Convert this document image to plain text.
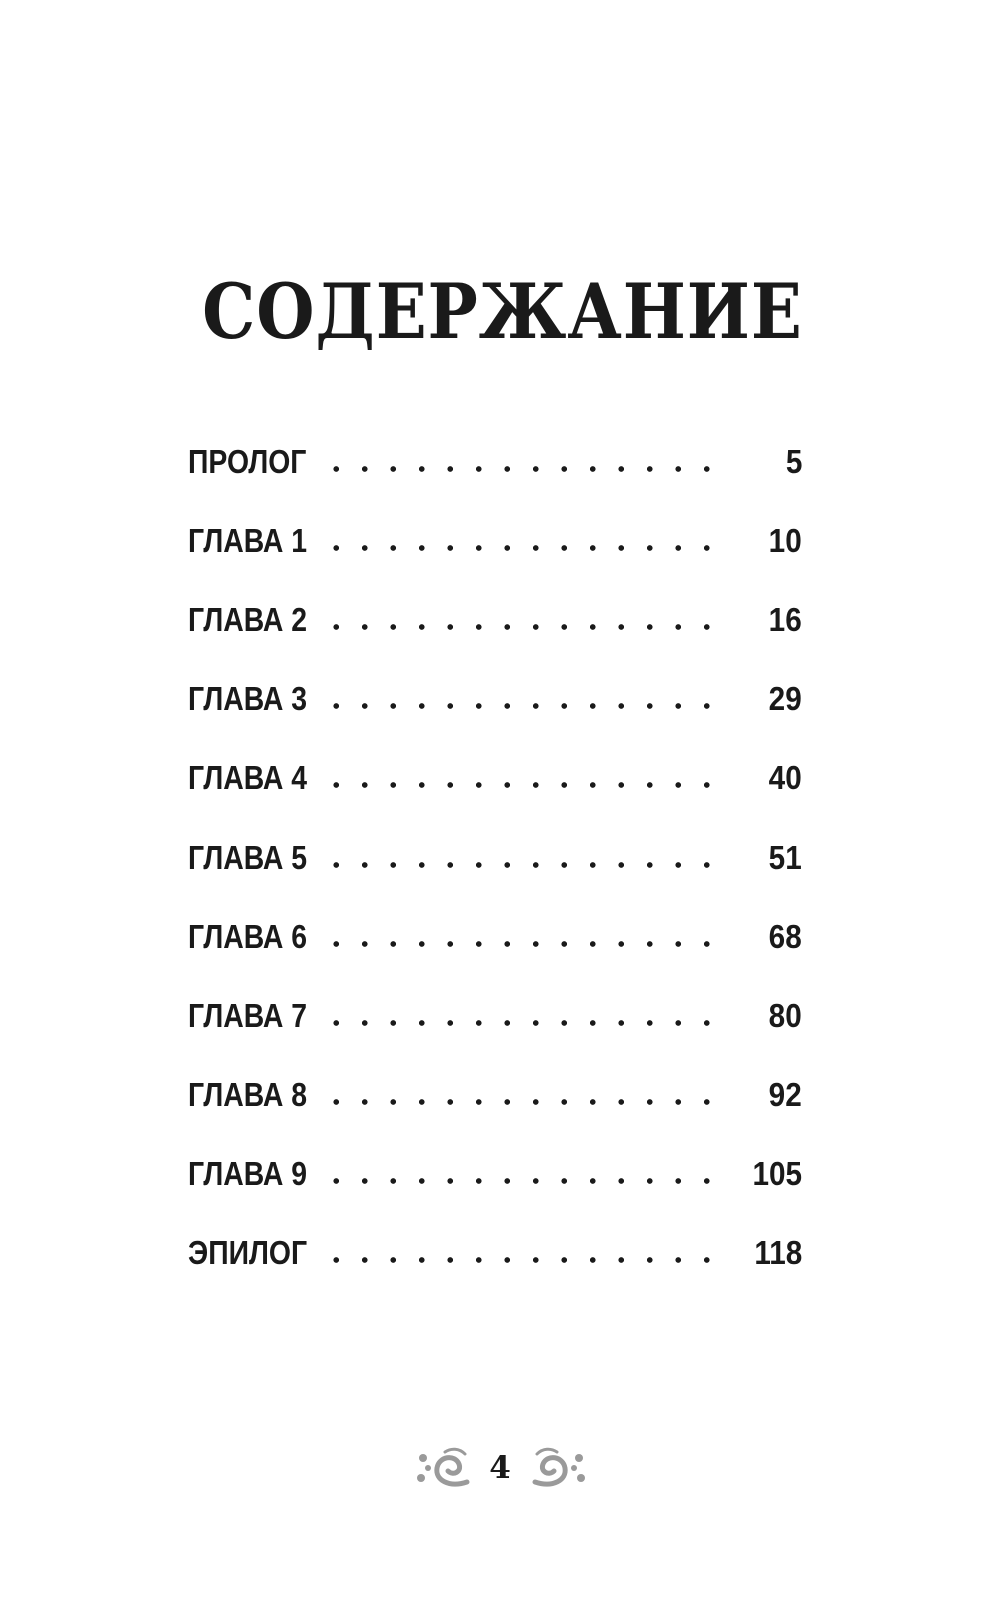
СОДЕРЖАНИЕ
ПРОЛОГ	5
ГЛАВА 1	10
ГЛАВА 2	16
ГЛАВА 3	29
ГЛАВА 4	40
ГЛАВА 5	51
ГЛАВА 6	68
ГЛАВА 7	80
ГЛАВА 8	92
ГЛАВА 9	105
ЭПИЛОГ	118
4
